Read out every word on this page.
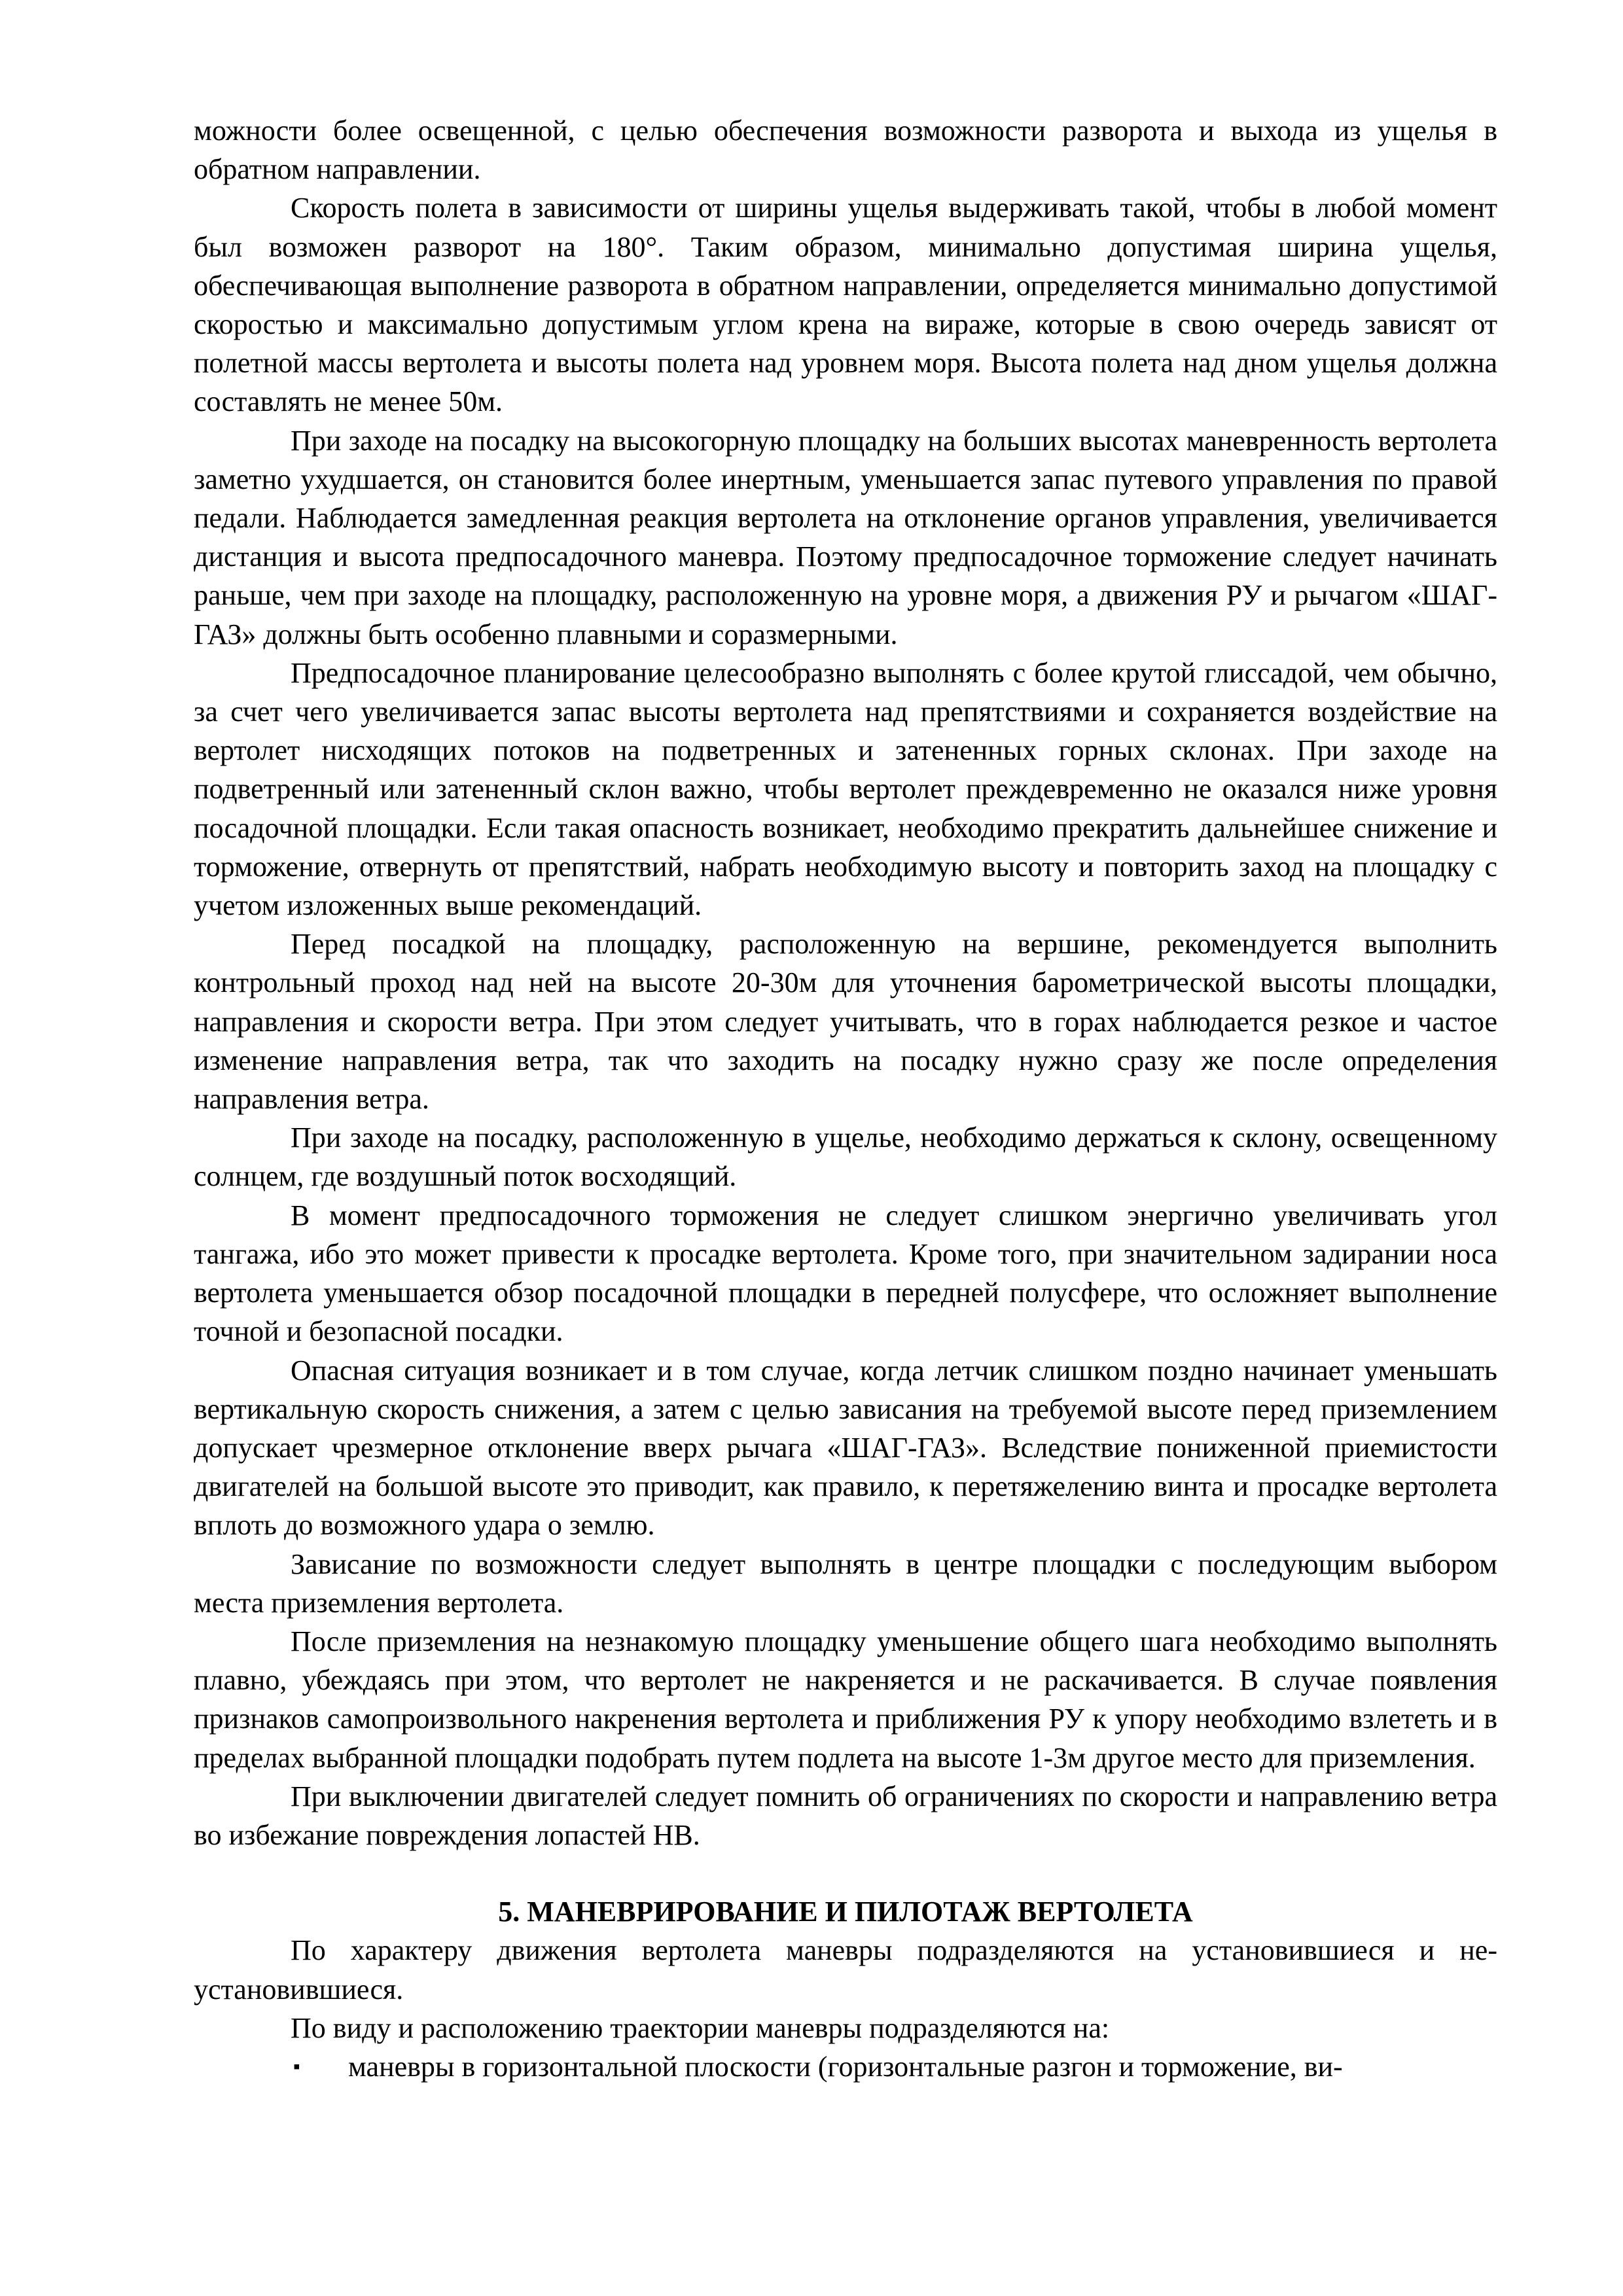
можности более освещенной, с целью обеспечения возможности разворота и выхода из ущелья в обратном направлении.

Скорость полета в зависимости от ширины ущелья выдерживать такой, чтобы в любой момент был возможен разворот на 180°. Таким образом, минимально допустимая ширина ущелья, обеспечивающая выполнение разворота в обратном направлении, определяется минимально допустимой скоростью и максимально допустимым углом крена на вираже, которые в свою очередь зависят от полетной массы вертолета и высоты полета над уровнем моря. Высота полета над дном ущелья должна составлять не менее 50м.

При заходе на посадку на высокогорную площадку на больших высотах маневренность вертолета заметно ухудшается, он становится более инертным, уменьшается запас путевого управления по правой педали. Наблюдается замедленная реакция вертолета на отклонение органов управления, увеличивается дистанция и высота предпосадочного маневра. Поэтому предпосадочное торможение следует начинать раньше, чем при заходе на площадку, расположенную на уровне моря, а движения РУ и рычагом «ШАГ-ГАЗ» должны быть особенно плавными и соразмерными.

Предпосадочное планирование целесообразно выполнять с более крутой глиссадой, чем обычно, за счет чего увеличивается запас высоты вертолета над препятствиями и сохраняется воздействие на вертолет нисходящих потоков на подветренных и затененных горных склонах. При заходе на подветренный или затененный склон важно, чтобы вертолет преждевременно не оказался ниже уровня посадочной площадки. Если такая опасность возникает, необходимо прекратить дальнейшее снижение и торможение, отвернуть от препятствий, набрать необходимую высоту и повторить заход на площадку с учетом изложенных выше рекомендаций.

Перед посадкой на площадку, расположенную на вершине, рекомендуется выполнить контрольный проход над ней на высоте 20-30м для уточнения барометрической высоты площадки, направления и скорости ветра. При этом следует учитывать, что в горах наблюдается резкое и частое изменение направления ветра, так что заходить на посадку нужно сразу же после определения направления ветра.

При заходе на посадку, расположенную в ущелье, необходимо держаться к склону, освещенному солнцем, где воздушный поток восходящий.

В момент предпосадочного торможения не следует слишком энергично увеличивать угол тангажа, ибо это может привести к просадке вертолета. Кроме того, при значительном задирании носа вертолета уменьшается обзор посадочной площадки в передней полусфере, что осложняет выполнение точной и безопасной посадки.

Опасная ситуация возникает и в том случае, когда летчик слишком поздно начинает уменьшать вертикальную скорость снижения, а затем с целью зависания на требуемой высоте перед приземлением допускает чрезмерное отклонение вверх рычага «ШАГ-ГАЗ». Вследствие пониженной приемистости двигателей на большой высоте это приводит, как правило, к перетяжелению винта и просадке вертолета вплоть до возможного удара о землю.

Зависание по возможности следует выполнять в центре площадки с последующим выбором места приземления вертолета.

После приземления на незнакомую площадку уменьшение общего шага необходимо выполнять плавно, убеждаясь при этом, что вертолет не накреняется и не раскачивается. В случае появления признаков самопроизвольного накренения вертолета и приближения РУ к упору необходимо взлететь и в пределах выбранной площадки подобрать путем подлета на высоте 1-3м другое место для приземления.

При выключении двигателей следует помнить об ограничениях по скорости и направлению ветра во избежание повреждения лопастей НВ.

5. МАНЕВРИРОВАНИЕ И ПИЛОТАЖ ВЕРТОЛЕТА

По характеру движения вертолета маневры подразделяются на установившиеся и неустановившиеся.

По виду и расположению траектории маневры подразделяются на:

▪ маневры в горизонтальной плоскости (горизонтальные разгон и торможение, ви-
